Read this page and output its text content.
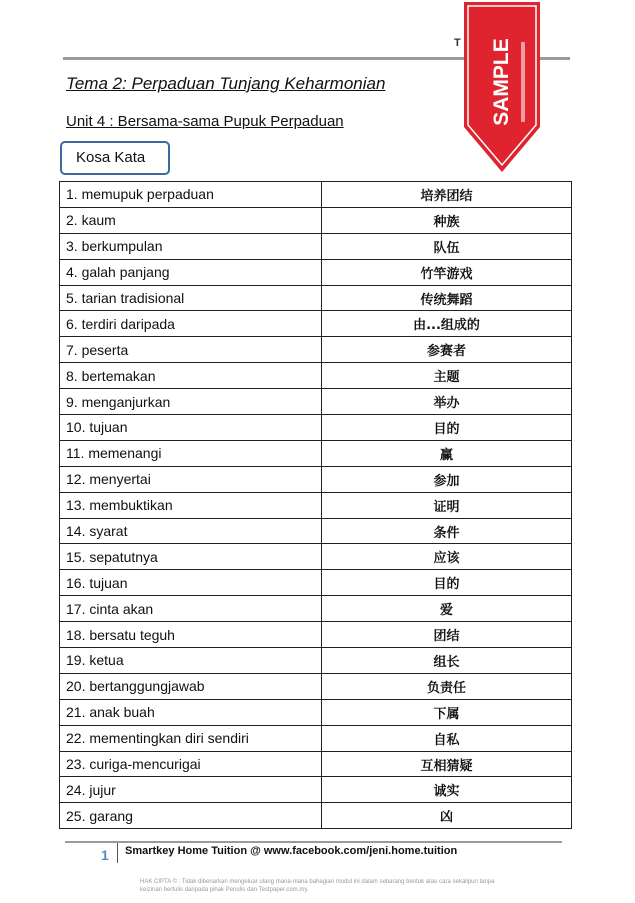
T SAMPLE
Tema 2: Perpaduan Tunjang Keharmonian
Unit 4 : Bersama-sama Pupuk Perpaduan
Kosa Kata
1. memupuk perpaduan	培养团结
2. kaum	种族
3. berkumpulan	队伍
4. galah panjang	竹竿游戏
5. tarian tradisional	传统舞蹈
6. terdiri daripada	由...组成的
7. peserta	参赛者
8. bertemakan	主题
9. menganjurkan	举办
10. tujuan	目的
11. memenangi	赢
12. menyertai	参加
13. membuktikan	证明
14. syarat	条件
15. sepatutnya	应该
16. tujuan	目的
17. cinta akan	爱
18. bersatu teguh	团结
19. ketua	组长
20. bertanggungjawab	负责任
21. anak buah	下属
22. mementingkan diri sendiri	自私
23. curiga-mencurigai	互相猜疑
24. jujur	诚实
25. garang	凶
1 Smartkey Home Tuition @ www.facebook.com/jeni.home.tuition
HAK CIPTA © : Tidak dibenarkan mengeluar ulang mana-mana bahagian modul ini dalam sebarang bentuk atau cara sekalipun tanpa keizinan bertulis daripada pihak Penulis dan Testpaper.com.my.
